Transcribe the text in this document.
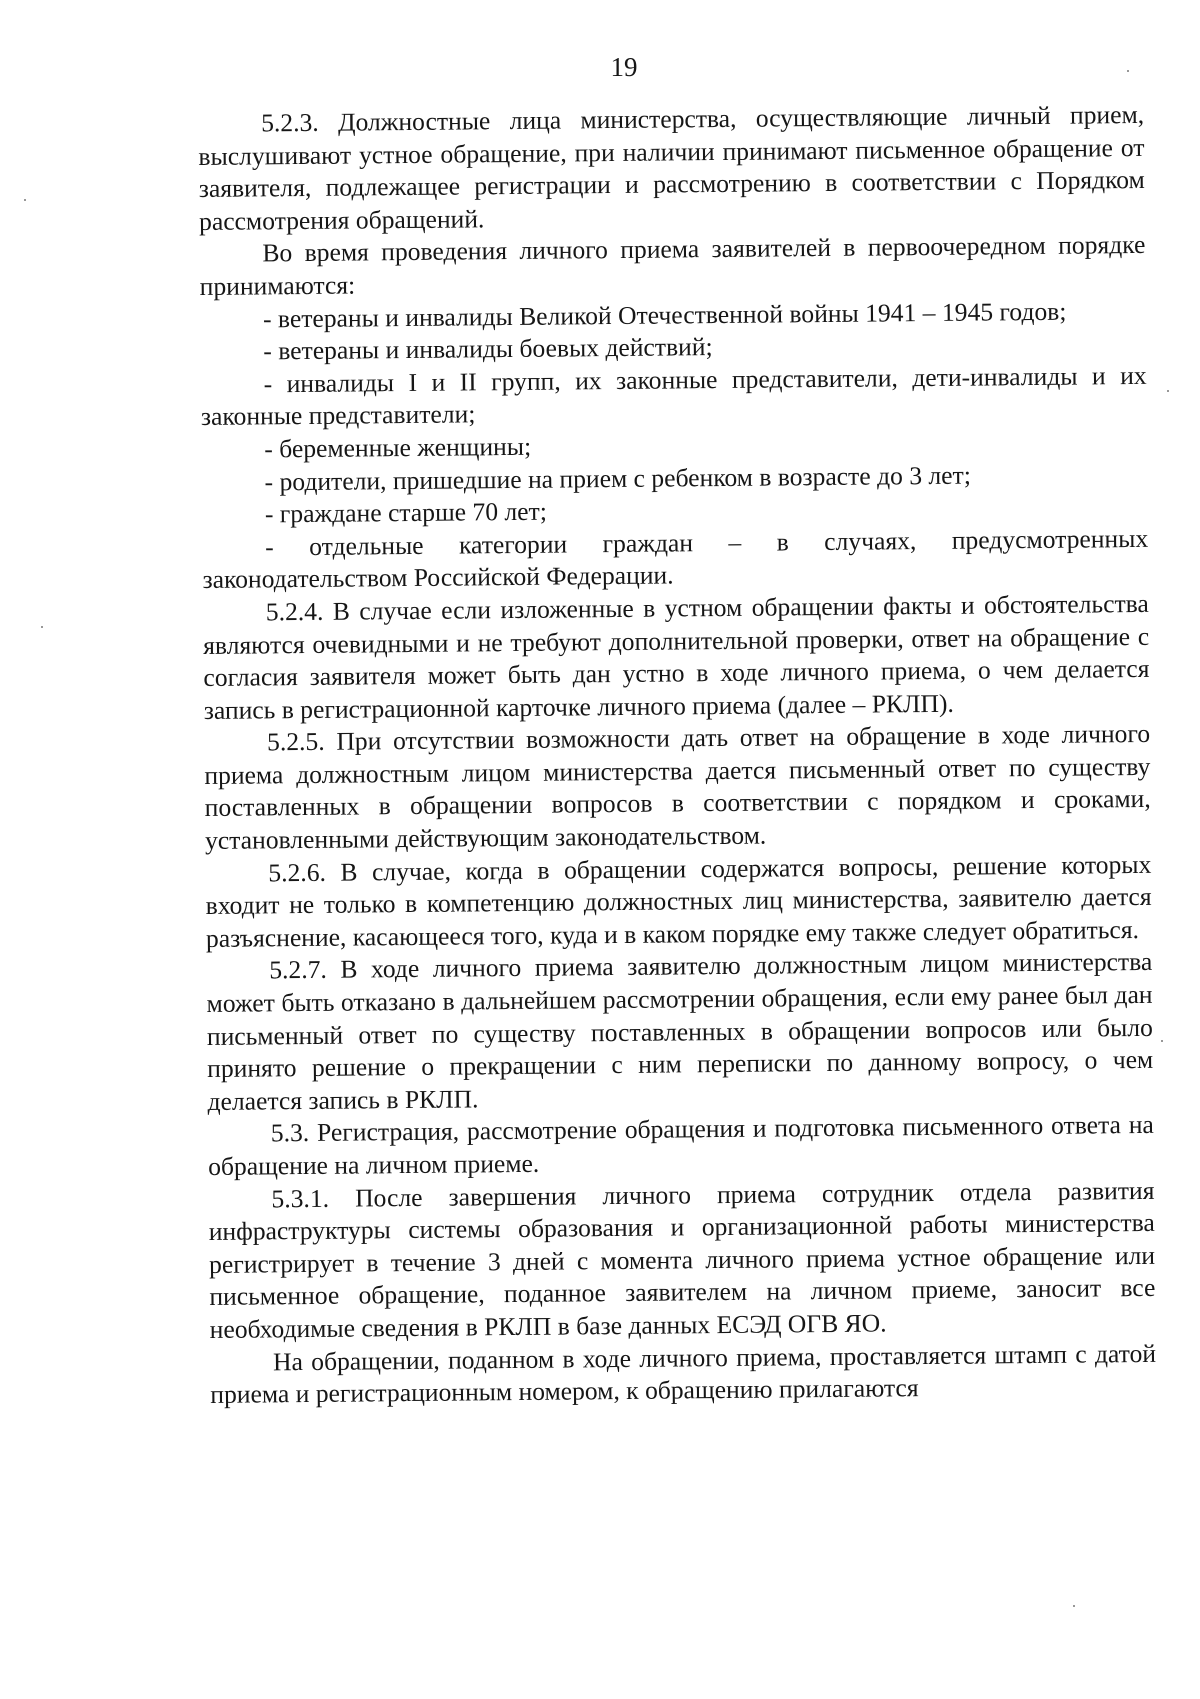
19

5.2.3. Должностные лица министерства, осуществляющие личный прием, выслушивают устное обращение, при наличии принимают письменное обращение от заявителя, подлежащее регистрации и рассмотрению в соответствии с Порядком рассмотрения обращений.

Во время проведения личного приема заявителей в первоочередном порядке принимаются:

- ветераны и инвалиды Великой Отечественной войны 1941 – 1945 годов;

- ветераны и инвалиды боевых действий;

- инвалиды I и II групп, их законные представители, дети-инвалиды и их законные представители;

- беременные женщины;

- родители, пришедшие на прием с ребенком в возрасте до 3 лет;

- граждане старше 70 лет;

- отдельные категории граждан – в случаях, предусмотренных законодательством Российской Федерации.

5.2.4. В случае если изложенные в устном обращении факты и обстоятельства являются очевидными и не требуют дополнительной проверки, ответ на обращение с согласия заявителя может быть дан устно в ходе личного приема, о чем делается запись в регистрационной карточке личного приема (далее – РКЛП).

5.2.5. При отсутствии возможности дать ответ на обращение в ходе личного приема должностным лицом министерства дается письменный ответ по существу поставленных в обращении вопросов в соответствии с порядком и сроками, установленными действующим законодательством.

5.2.6. В случае, когда в обращении содержатся вопросы, решение которых входит не только в компетенцию должностных лиц министерства, заявителю дается разъяснение, касающееся того, куда и в каком порядке ему также следует обратиться.

5.2.7. В ходе личного приема заявителю должностным лицом министерства может быть отказано в дальнейшем рассмотрении обращения, если ему ранее был дан письменный ответ по существу поставленных в обращении вопросов или было принято решение о прекращении с ним переписки по данному вопросу, о чем делается запись в РКЛП.

5.3. Регистрация, рассмотрение обращения и подготовка письменного ответа на обращение на личном приеме.

5.3.1. После завершения личного приема сотрудник отдела развития инфраструктуры системы образования и организационной работы министерства регистрирует в течение 3 дней с момента личного приема устное обращение или письменное обращение, поданное заявителем на личном приеме, заносит все необходимые сведения в РКЛП в базе данных ЕСЭД ОГВ ЯО.

На обращении, поданном в ходе личного приема, проставляется штамп с датой приема и регистрационным номером, к обращению прилагаются
